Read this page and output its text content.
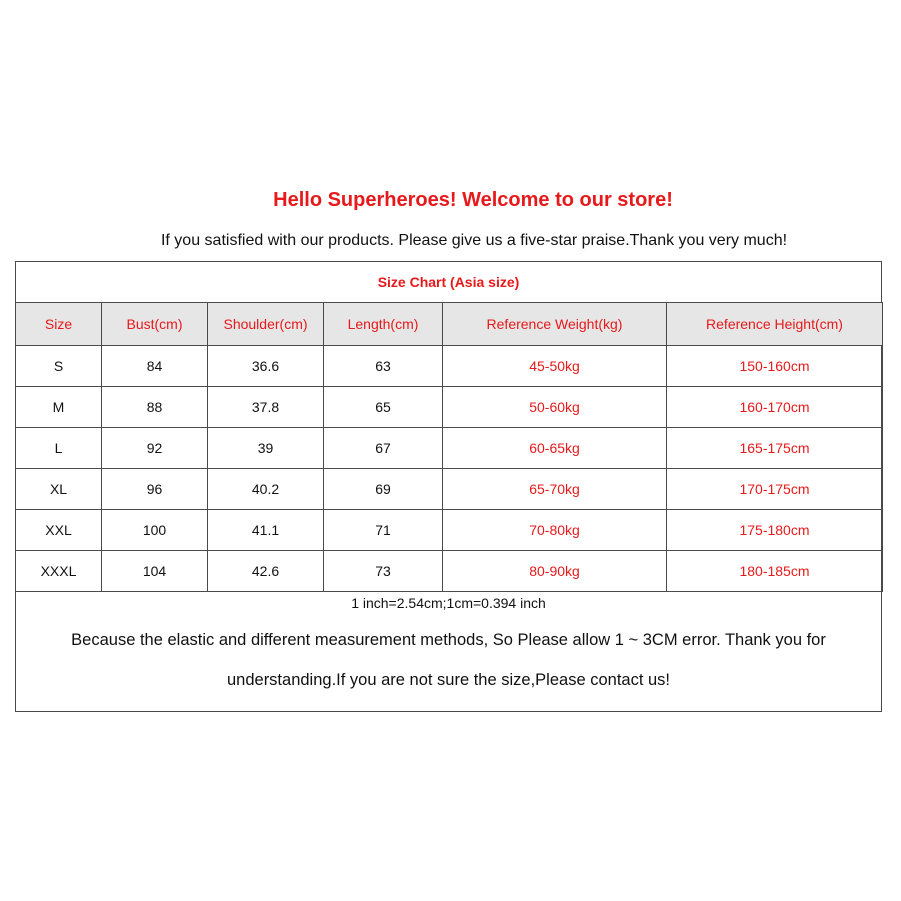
Hello Superheroes! Welcome to our store!
If you satisfied with our products. Please give us a five-star praise.Thank you very much!
Size Chart (Asia size)
Size	Bust(cm)	Shoulder(cm)	Length(cm)	Reference Weight(kg)	Reference Height(cm)
S	84	36.6	63	45-50kg	150-160cm
M	88	37.8	65	50-60kg	160-170cm
L	92	39	67	60-65kg	165-175cm
XL	96	40.2	69	65-70kg	170-175cm
XXL	100	41.1	71	70-80kg	175-180cm
XXXL	104	42.6	73	80-90kg	180-185cm
1 inch=2.54cm;1cm=0.394 inch
Because the elastic and different measurement methods, So Please allow 1 ~ 3CM error. Thank you for understanding.If you are not sure the size,Please contact us!
